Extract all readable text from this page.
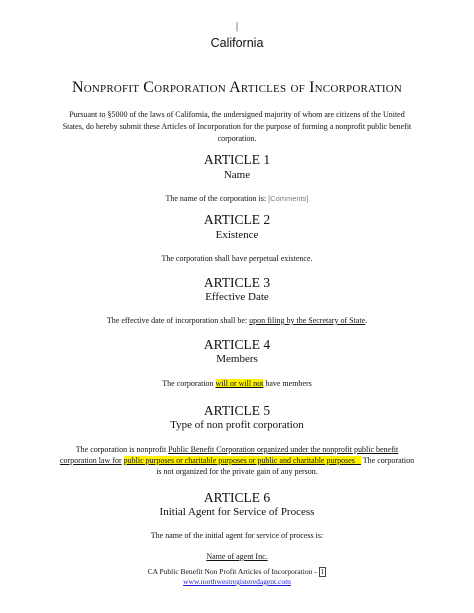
|
California
Nonprofit Corporation Articles of Incorporation
Pursuant to §5000 of the laws of California, the undersigned majority of whom are citizens of the United States, do hereby submit these Articles of Incorporation for the purpose of forming a nonprofit public benefit corporation.
ARTICLE 1
Name
The name of the corporation is: [Comments]
ARTICLE 2
Existence
The corporation shall have perpetual existence.
ARTICLE 3
Effective Date
The effective date of incorporation shall be: upon filing by the Secretary of State.
ARTICLE 4
Members
The corporation will or will not have members
ARTICLE 5
Type of non profit corporation
The corporation is nonprofit Public Benefit Corporation organized under the nonprofit public benefit corporation law for public purposes or charitable purposes or public and charitable purposes The corporation is not organized for the private gain of any person.
ARTICLE 6
Initial Agent for Service of Process
The name of the initial agent for service of process is:
Name of agent Inc.
CA Public Benefit Non Profit Articles of Incorporation - 1
www.northwestregisteredagent.com
